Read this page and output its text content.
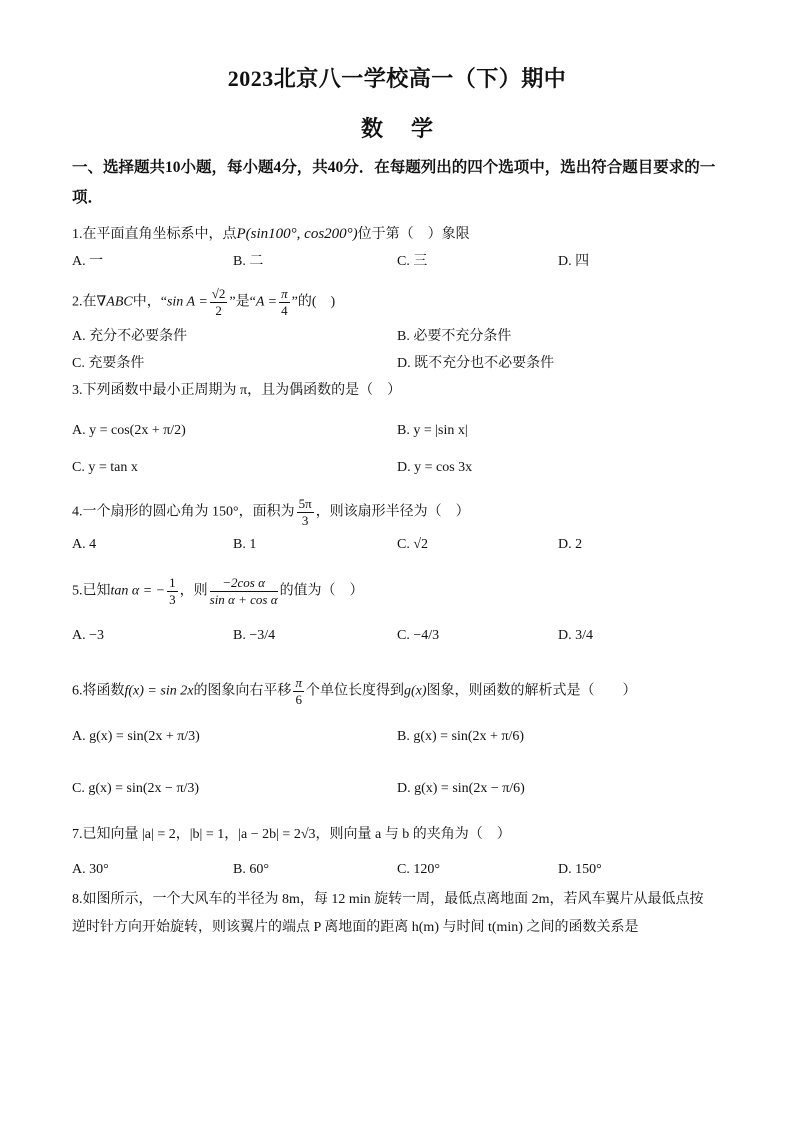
2023北京八一学校高一（下）期中
数学
一、选择题共10小题，每小题4分，共40分．在每题列出的四个选项中，选出符合题目要求的一项．
1.在平面直角坐标系中，点P(sin100°, cos200°)位于第（　）象限
A. 一	B. 二	C. 三	D. 四
2.在∇ABC中，“sin $A = \frac{√2}{2}$ ”是“$A = \frac{\pi}{4}$ ”的(　)
A. 充分不必要条件	B. 必要不充分条件
C. 充要条件	D. 既不充分也不必要条件
3.下列函数中最小正周期为 π，且为偶函数的是（　）
A. y = cos(2x + π/2)	B. y = |sin x|
C. y = tan x	D. y = cos 3x
4.一个扇形的圆心角为 150°，面积为 $\frac{5\pi}{3}$ ，则该扇形半径为（　）
A. 4	B. 1	C. √2	D. 2
5.已知tan α = − $\frac{1}{3}$ ，则 $\frac{\text{−2cos α}}{\text{sin α + cos α}}$ 的值为（　）
A. −3	B. −3/4	C. −4/3	D. 3/4
6.将函数f(x) = sin 2x的图象向右平移 $\frac{\pi}{6}$ 个单位长度得到g(x)图象，则函数的解析式是（　　）
A. g(x) = sin(2x + π/3)	B. g(x) = sin(2x + π/6)
C. g(x) = sin(2x − π/3)	D. g(x) = sin(2x − π/6)
7.已知向量 |a| = 2，|b| = 1，|a − 2b| = 2√3，则向量 a 与 b 的夹角为（　）
A. 30°	B. 60°	C. 120°	D. 150°
8.如图所示，一个大风车的半径为 8m，每 12 min 旋转一周，最低点离地面 2m，若风车翼片从最低点按
逆时针方向开始旋转，则该翼片的端点 P 离地面的距离 h(m) 与时间 t(min) 之间的函数关系是
